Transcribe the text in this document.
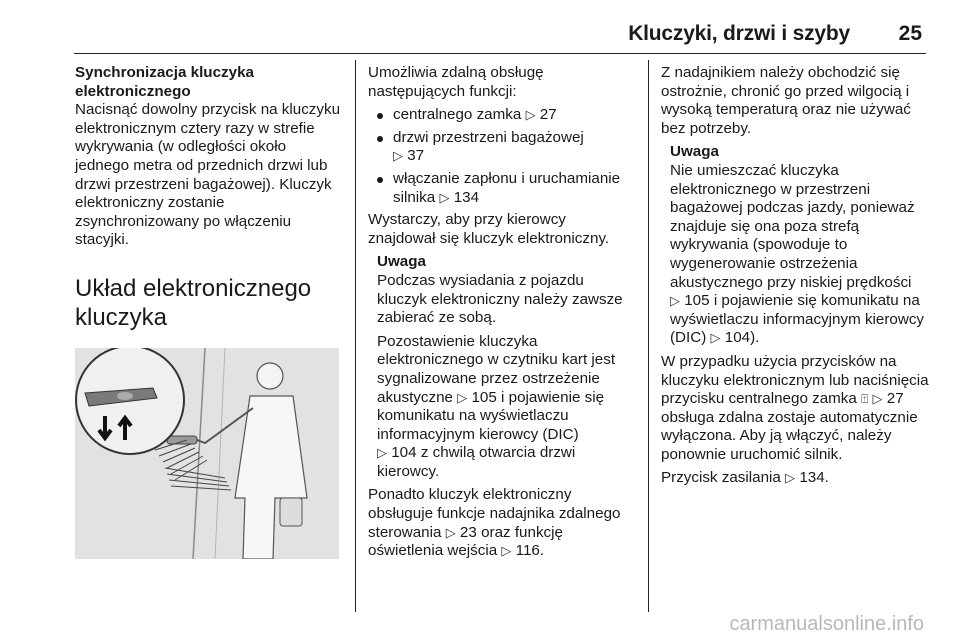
Kluczyki, drzwi i szyby 25

Synchronizacja kluczyka elektronicznego

Nacisnąć dowolny przycisk na kluczyku elektronicznym cztery razy w strefie wykrywania (w odległości około jednego metra od przednich drzwi lub drzwi przestrzeni bagażowej). Kluczyk elektroniczny zostanie zsynchronizowany po włączeniu stacyjki.

Układ elektronicznego kluczyka

Umożliwia zdalną obsługę następujących funkcji:

centralnego zamka ▷ 27
drzwi przestrzeni bagażowej
▷ 37
włączanie zapłonu i uruchamianie silnika ▷ 134

Wystarczy, aby przy kierowcy znajdował się kluczyk elektroniczny.

Uwaga

Podczas wysiadania z pojazdu kluczyk elektroniczny należy zawsze zabierać ze sobą.

Pozostawienie kluczyka elektronicznego w czytniku kart jest sygnalizowane przez ostrzeżenie akustyczne ▷ 105 i pojawienie się komunikatu na wyświetlaczu informacyjnym kierowcy (DIC)
▷ 104 z chwilą otwarcia drzwi kierowcy.

Ponadto kluczyk elektroniczny obsługuje funkcje nadajnika zdalnego sterowania ▷ 23 oraz funkcję oświetlenia wejścia ▷ 116.

Z nadajnikiem należy obchodzić się ostrożnie, chronić go przed wilgocią i wysoką temperaturą oraz nie używać bez potrzeby.

Uwaga

Nie umieszczać kluczyka elektronicznego w przestrzeni bagażowej podczas jazdy, ponieważ znajduje się ona poza strefą wykrywania (spowoduje to wygenerowanie ostrzeżenia akustycznego przy niskiej prędkości
▷ 105 i pojawienie się komunikatu na wyświetlaczu informacyjnym kierowcy (DIC) ▷ 104).

W przypadku użycia przycisków na kluczyku elektronicznym lub naciśnięcia przycisku centralnego zamka ⍐ ▷ 27 obsługa zdalna zostaje automatycznie wyłączona. Aby ją włączyć, należy ponownie uruchomić silnik.

Przycisk zasilania ▷ 134.

carmanualsonline.info
